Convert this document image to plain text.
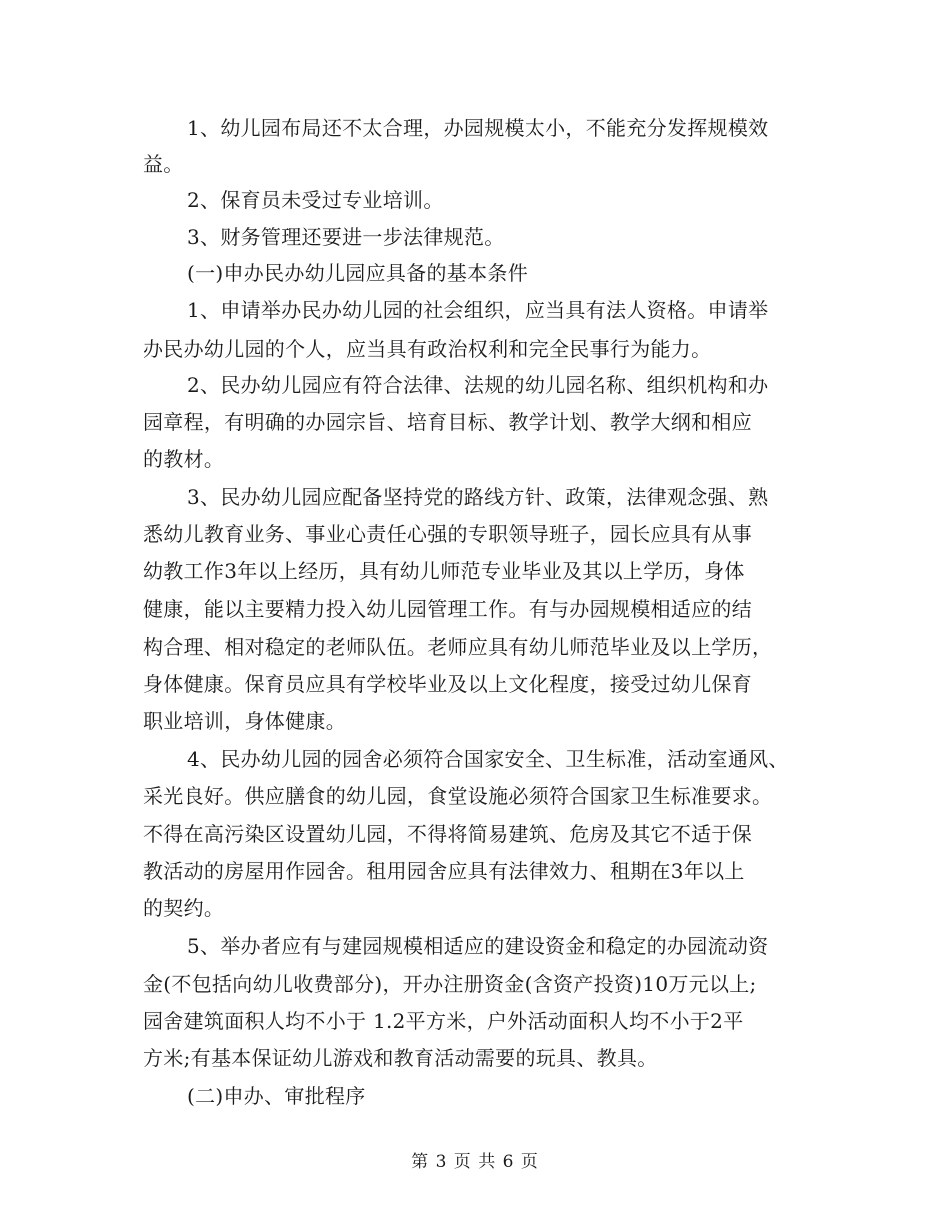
1、幼儿园布局还不太合理，办园规模太小，不能充分发挥规模效
益。
2、保育员未受过专业培训。
3、财务管理还要进一步法律规范。
(一)申办民办幼儿园应具备的基本条件
1、申请举办民办幼儿园的社会组织，应当具有法人资格。申请举
办民办幼儿园的个人，应当具有政治权利和完全民事行为能力。
2、民办幼儿园应有符合法律、法规的幼儿园名称、组织机构和办
园章程，有明确的办园宗旨、培育目标、教学计划、教学大纲和相应
的教材。
3、民办幼儿园应配备坚持党的路线方针、政策，法律观念强、熟
悉幼儿教育业务、事业心责任心强的专职领导班子，园长应具有从事
幼教工作3年以上经历，具有幼儿师范专业毕业及其以上学历，身体
健康，能以主要精力投入幼儿园管理工作。有与办园规模相适应的结
构合理、相对稳定的老师队伍。老师应具有幼儿师范毕业及以上学历，
身体健康。保育员应具有学校毕业及以上文化程度，接受过幼儿保育
职业培训，身体健康。
4、民办幼儿园的园舍必须符合国家安全、卫生标准，活动室通风、
采光良好。供应膳食的幼儿园，食堂设施必须符合国家卫生标准要求。
不得在高污染区设置幼儿园，不得将简易建筑、危房及其它不适于保
教活动的房屋用作园舍。租用园舍应具有法律效力、租期在3年以上
的契约。
5、举办者应有与建园规模相适应的建设资金和稳定的办园流动资
金(不包括向幼儿收费部分)，开办注册资金(含资产投资)10万元以上;
园舍建筑面积人均不小于 1.2平方米，户外活动面积人均不小于2平
方米;有基本保证幼儿游戏和教育活动需要的玩具、教具。
(二)申办、审批程序
第 3 页 共 6 页
